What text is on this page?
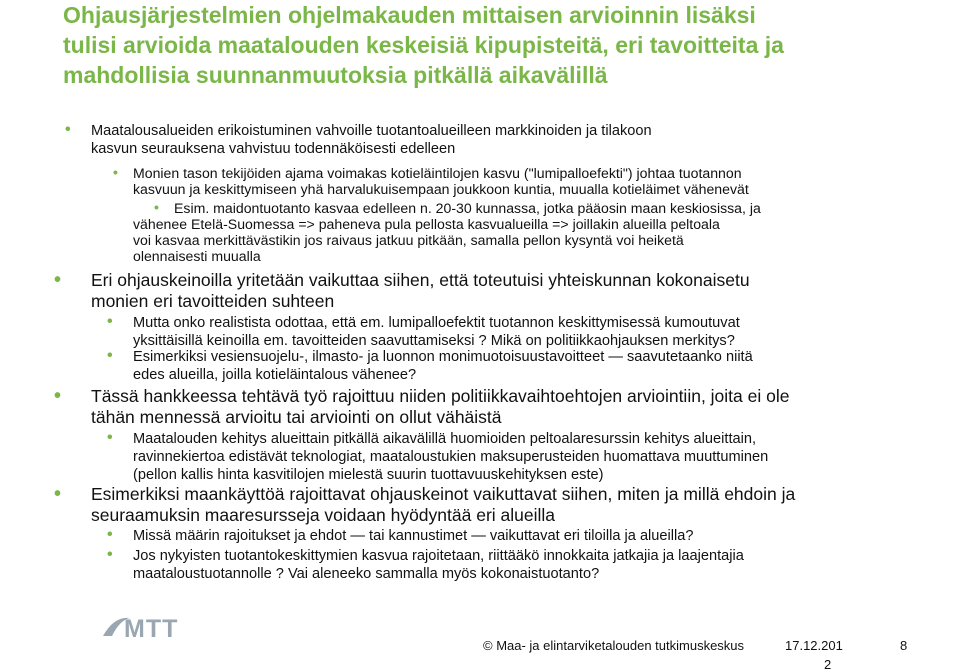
Ohjausjärjestelmien ohjelmakauden mittaisen arvioinnin lisäksi
tulisi arvioida maatalouden keskeisiä kipupisteitä, eri tavoitteita ja
mahdollisia suunnanmuutoksia pitkällä aikavälillä
• Maatalousalueiden erikoistuminen vahvoille tuotantoalueilleen markkinoiden ja tilakoon
kasvun seurauksena vahvistuu todennäköisesti edelleen
• Monien tason tekijöiden ajama voimakas kotieläintilojen kasvu ("lumipalloefekti") johtaa tuotannon
kasvuun ja keskittymiseen yhä harvalukuisempaan joukkoon kuntia, muualla kotieläimet vähenevät
• Esim. maidontuotanto kasvaa edelleen n. 20-30 kunnassa, jotka pääosin maan keskiosissa, ja
vähenee Etelä-Suomessa => paheneva pula pellosta kasvualueilla => joillakin alueilla peltoala
voi kasvaa merkittävästikin jos raivaus jatkuu pitkään, samalla pellon kysyntä voi heiketä
olennaisesti muualla
• Eri ohjauskeinoilla yritetään vaikuttaa siihen, että toteutuisi yhteiskunnan kokonaisetu
monien eri tavoitteiden suhteen
• Mutta onko realistista odottaa, että em. lumipalloefektit tuotannon keskittymisessä kumoutuvat
yksittäisillä keinoilla em. tavoitteiden saavuttamiseksi ? Mikä on politiikkaohjauksen merkitys?
• Esimerkiksi vesiensuojelu-, ilmasto- ja luonnon monimuotoisuustavoitteet — saavutetaanko niitä
edes alueilla, joilla kotieläintalous vähenee?
• Tässä hankkeessa tehtävä työ rajoittuu niiden politiikkavaihtoehtojen arviointiin, joita ei ole
tähän mennessä arvioitu tai arviointi on ollut vähäistä
• Maatalouden kehitys alueittain pitkällä aikavälillä huomioiden peltoalaresurssin kehitys alueittain,
ravinnekiertoa edistävät teknologiat, maataloustukien maksuperusteiden huomattava muuttuminen
(pellon kallis hinta kasvitilojen mielestä suurin tuottavuuskehityksen este)
• Esimerkiksi maankäyttöä rajoittavat ohjauskeinot vaikuttavat siihen, miten ja millä ehdoin ja
seuraamuksin maaresursseja voidaan hyödyntää eri alueilla
• Missä määrin rajoitukset ja ehdot — tai kannustimet — vaikuttavat eri tiloilla ja alueilla?
• Jos nykyisten tuotantokeskittymien kasvua rajoitetaan, riittääkö innokkaita jatkajia ja laajentajia
maataloustuotannolle ? Vai aleneeko sammalla myös kokonaistuotanto?
MTT
© Maa- ja elintarviketalouden tutkimuskeskus	17.12.201
2
8
